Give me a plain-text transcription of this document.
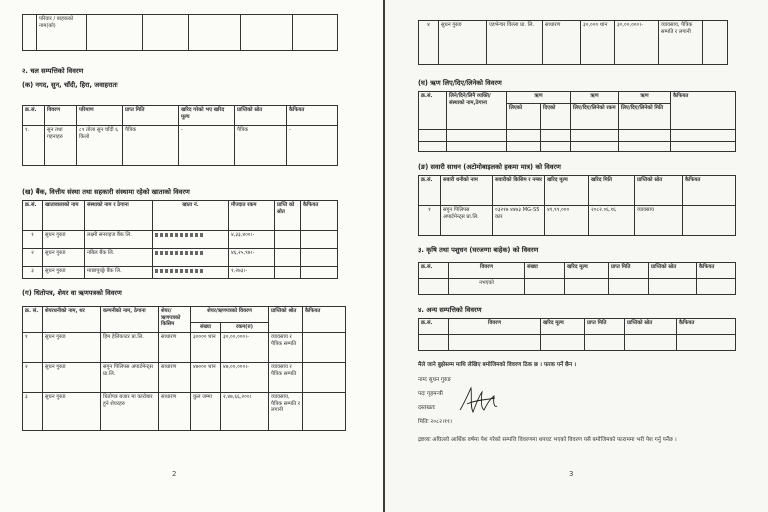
	परिवार / बाहकको नाम(को)					
२. चल सम्पत्तिको विवरण
(क) नगद, सुन, चाँदी, हिरा, जवाहरातः
क्र.सं.	विवरण	परिमाण	प्राप्त मिति	खरिद गरेको भए खरिद मूल्य	प्राप्तिको स्रोत	कैफियत
१.	सुन तथा गहनाहरु	८९ तोला सुन चाँदी ६ किलो	पैत्रिक	-	पैत्रिक	-
(ख) बैंक, वित्तीय संस्था तथा सहकारी संस्थामा रहेको खाताको विवरण
क्र.सं.	खातावालाको नाम	संस्थाको नाम र ठेगाना	खाता नं.	मौज्दात रकम	प्राप्ति को स्रोत	कैफियत
१	सुधन गुरुङ	लक्ष्मी सनराइज बैंक लि.		४,३३,४००।-		
२	सुधन गुरुङ	नबिल बैंक लि.		४६,२५,९७।-		
३	सुधन गुरुङ	माछापुच्छ्रे बैंक लि.		१,२७३।-		
(ग) धितोपत्र, शेयर वा ऋणपत्रको विवरण
क्र. सं.	शेयरधनीको नाम, थर	कम्पनीको नाम, ठेगाना	शेयर/ ऋणपत्रको किसिम	शेयर/ऋणपत्रको विवरण		प्राप्तिको श्रोत	कैफियत
				संख्या	रकम(रु)		
१	सुधन गुरुङ	हिम हेलिकप्टर प्रा.लि.	साधारण	३०००० थान	३०,००,०००।-	व्यावसाय र पैत्रिक सम्पति	
२	सुधन गुरुङ	सगुन पिलिपस अपार्टमेन्ट्स प्रा.लि.	साधारण	४७००० थान	४७,००,०००।-	व्यावसाय र पैत्रिक सम्पति	
३	सुधन गुरुङ	धितोपत्र बजार मा कारोबार हुने शेयरहरु	साधारण	कुल जम्मा	२,४७,६६,२००।	व्यावसाय, पैत्रिक सम्पति र लगानी	
2
४	सुधन गुरुङ	एडभेन्चर विल्ला प्रा. लि.	साधारण	३०,००० थान	३०,००,०००।-	व्यावसाय, पैत्रिक सम्पति र लगानी	
(घ) ऋण लिए/दिए/लिनेको विवरण
क्र.सं.	लिने/दिने/लिनै व्यक्ति/संस्थाको नाम,ठेगाना	ऋण		ऋण	ऋण	कैफियत
		लिएको	दिएको	लिए/दिए/लिनेको रकम	लिए/दिए/लिनेको मिति	

(ङ) सवारी साधन (अटोमोबाइलको हकमा मात्र) को विवरण
क्र.सं.	सवारी धनीको नाम	सवारीको किसिम र नम्बर	खरिद मूल्य	खरिद मिति	प्राप्तिको स्रोत	कैफियत
१	सगुन पिलिपस अपार्टमेन्ट्स प्रा.लि.	०३२१७ ४४७३ MG-S5 कार	४१,९९,०००	२०८२.०६.१६	व्यावसाय	
३. कृषि तथा पशुधन (घरजग्गा बाहेक) को विवरण
क्र.सं.	विवरण	संख्या	खरिद मूल्य	प्राप्त मिति	प्राप्तिको स्रोत	कैफियत
	नभएको					
४. अन्य सम्पत्तिको विवरण
क्र.सं.	विवरण	खरिद मूल्य	प्राप्त मिति	प्राप्तिको स्रोत	कैफियत

मैले जाने बुझेसम्म माथि लेखिए बमोजिमको विवरण ठिक छ । फरक पर्ने छैन ।
नामः सुधन गुरुङ
पदः गृहमन्त्री
दस्तखतः
मितिः २०८२।११।
द्रष्टव्यः अघिल्लो आर्थिक वर्षमा पेश गरेको सम्पत्ति विवरणमा थपघट भएको विवरण यसै बमोजिमको फाराममा भरी पेश गर्नु पर्नेछ ।
3
